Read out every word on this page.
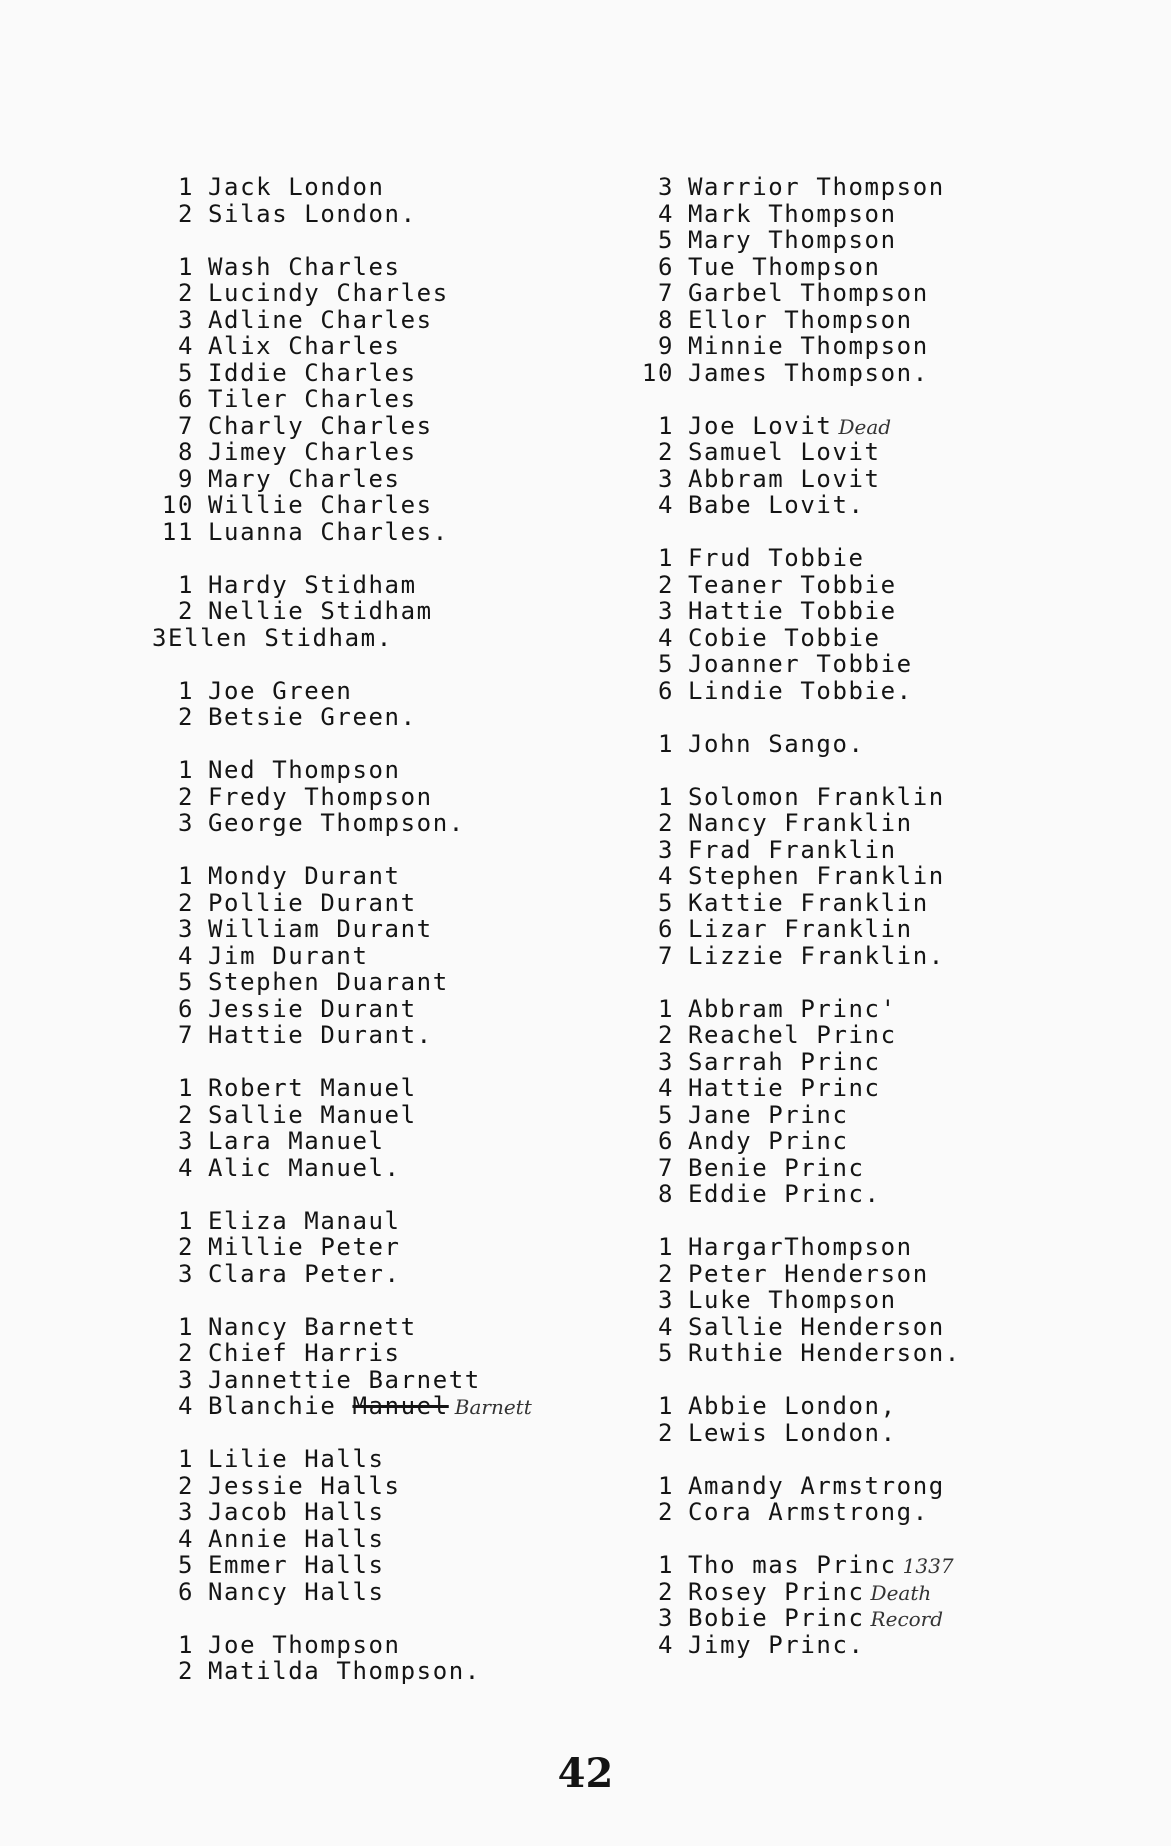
1 Jack London
2 Silas London.
1 Wash Charles
2 Lucindy Charles
3 Adline Charles
4 Alix Charles
5 Iddie Charles
6 Tiler Charles
7 Charly Charles
8 Jimey Charles
9 Mary Charles
10 Willie Charles
11 Luanna Charles.
1 Hardy Stidham
2 Nellie Stidham
3Ellen Stidham.
1 Joe Green
2 Betsie Green.
1 Ned Thompson
2 Fredy Thompson
3 George Thompson.
1 Mondy Durant
2 Pollie Durant
3 William Durant
4 Jim Durant
5 Stephen Duarant
6 Jessie Durant
7 Hattie Durant.
1 Robert Manuel
2 Sallie Manuel
3 Lara Manuel
4 Alic Manuel.
1 Eliza Manaul
2 Millie Peter
3 Clara Peter.
1 Nancy Barnett
2 Chief Harris
3 Jannettie Barnett
4 Blanchie Manuel Barnett
1 Lilie Halls
2 Jessie Halls
3 Jacob Halls
4 Annie Halls
5 Emmer Halls
6 Nancy Halls
1 Joe Thompson
2 Matilda Thompson.
3 Warrior Thompson
4 Mark Thompson
5 Mary Thompson
6 Tue Thompson
7 Garbel Thompson
8 Ellor Thompson
9 Minnie Thompson
10 James Thompson.
1 Joe Lovit Dead
2 Samuel Lovit
3 Abbram Lovit
4 Babe Lovit.
1 Frud Tobbie
2 Teaner Tobbie
3 Hattie Tobbie
4 Cobie Tobbie
5 Joanner Tobbie
6 Lindie Tobbie.
1 John Sango.
1 Solomon Franklin
2 Nancy Franklin
3 Frad Franklin
4 Stephen Franklin
5 Kattie Franklin
6 Lizar Franklin
7 Lizzie Franklin.
1 Abbram Princ'
2 Reachel Princ
3 Sarrah Princ
4 Hattie Princ
5 Jane Princ
6 Andy Princ
7 Benie Princ
8 Eddie Princ.
1 HargarThompson
2 Peter Henderson
3 Luke Thompson
4 Sallie Henderson
5 Ruthie Henderson.
1 Abbie London,
2 Lewis London.
1 Amandy Armstrong
2 Cora Armstrong.
1 Tho mas Princ 1337
2 Rosey Princ Death
3 Bobie Princ Record
4 Jimy Princ.
42
